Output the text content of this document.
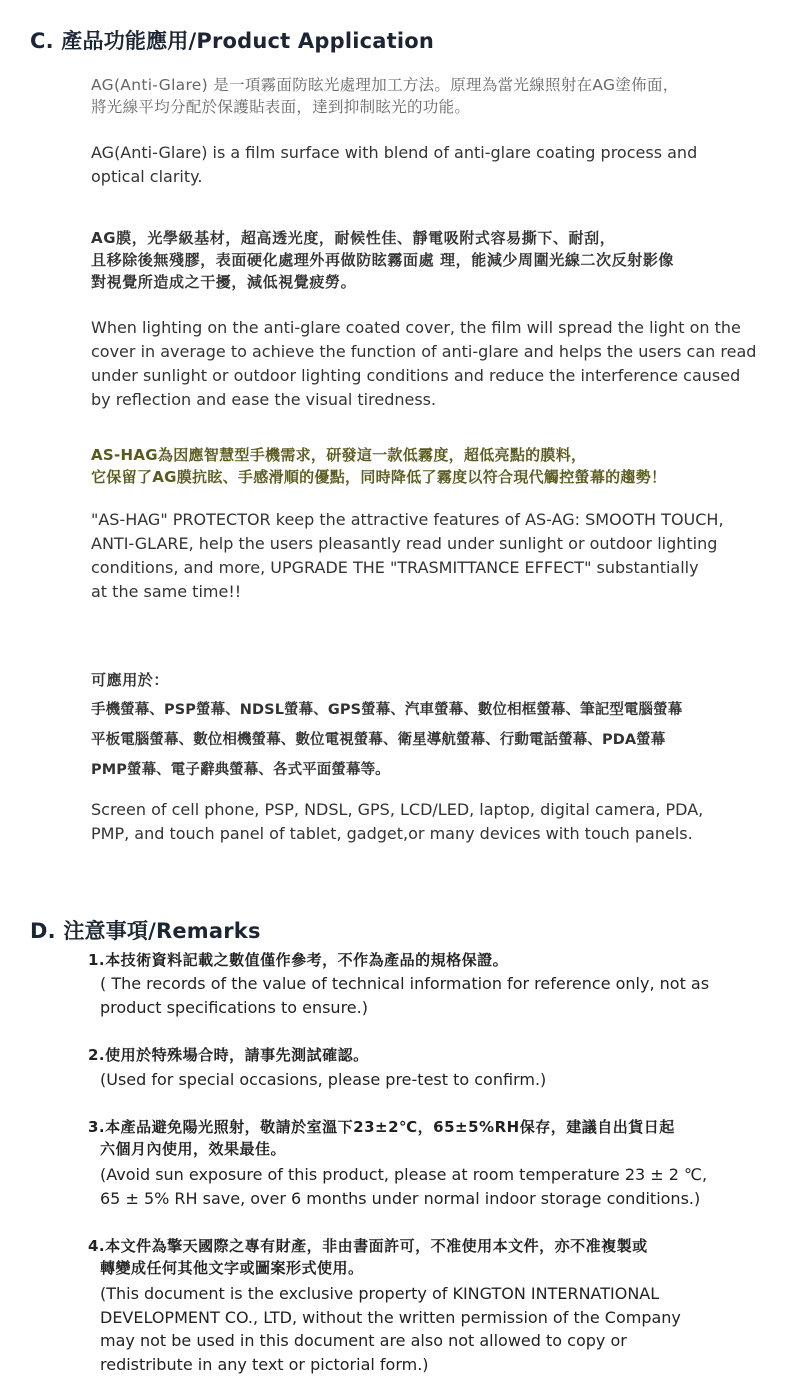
C. 產品功能應用/Product Application
AG(Anti-Glare) 是一項霧面防眩光處理加工方法。原理為當光線照射在AG塗佈面，
將光線平均分配於保護貼表面，達到抑制眩光的功能。
AG(Anti-Glare) is a film surface with blend of anti-glare coating process and
optical clarity.
AG膜，光學級基材，超高透光度，耐候性佳、靜電吸附式容易撕下、耐刮，
且移除後無殘膠，表面硬化處理外再做防眩霧面處 理，能減少周圍光線二次反射影像
對視覺所造成之干擾，減低視覺疲勞。
When lighting on the anti-glare coated cover, the film will spread the light on the
cover in average to achieve the function of anti-glare and helps the users can read
under sunlight or outdoor lighting conditions and reduce the interference caused
by reflection and ease the visual tiredness.
AS-HAG為因應智慧型手機需求，研發這一款低霧度，超低亮點的膜料，
它保留了AG膜抗眩、手感滑順的優點，同時降低了霧度以符合現代觸控螢幕的趨勢！
"AS-HAG" PROTECTOR keep the attractive features of AS-AG: SMOOTH TOUCH,
ANTI-GLARE, help the users pleasantly read under sunlight or outdoor lighting
conditions, and more, UPGRADE THE "TRASMITTANCE EFFECT" substantially
at the same time!!
可應用於：
手機螢幕、PSP螢幕、NDSL螢幕、GPS螢幕、汽車螢幕、數位相框螢幕、筆記型電腦螢幕
平板電腦螢幕、數位相機螢幕、數位電視螢幕、衛星導航螢幕、行動電話螢幕、PDA螢幕
PMP螢幕、電子辭典螢幕、各式平面螢幕等。
Screen of cell phone, PSP, NDSL, GPS, LCD/LED, laptop, digital camera, PDA,
PMP, and touch panel of tablet, gadget,or many devices with touch panels.
D. 注意事項/Remarks
1.本技術資料記載之數值僅作參考，不作為產品的規格保證。
( The records of the value of technical information for reference only, not as
product specifications to ensure.)
2.使用於特殊場合時，請事先測試確認。
(Used for special occasions, please pre-test to confirm.)
3.本產品避免陽光照射，敬請於室溫下23±2℃，65±5%RH保存，建議自出貨日起
六個月內使用，效果最佳。
(Avoid sun exposure of this product, please at room temperature 23 ± 2 ℃,
65 ± 5% RH save, over 6 months under normal indoor storage conditions.)
4.本文件為擎天國際之專有財產，非由書面許可，不准使用本文件，亦不准複製或
轉變成任何其他文字或圖案形式使用。
(This document is the exclusive property of KINGTON INTERNATIONAL
DEVELOPMENT CO., LTD, without the written permission of the Company
may not be used in this document are also not allowed to copy or
redistribute in any text or pictorial form.)
